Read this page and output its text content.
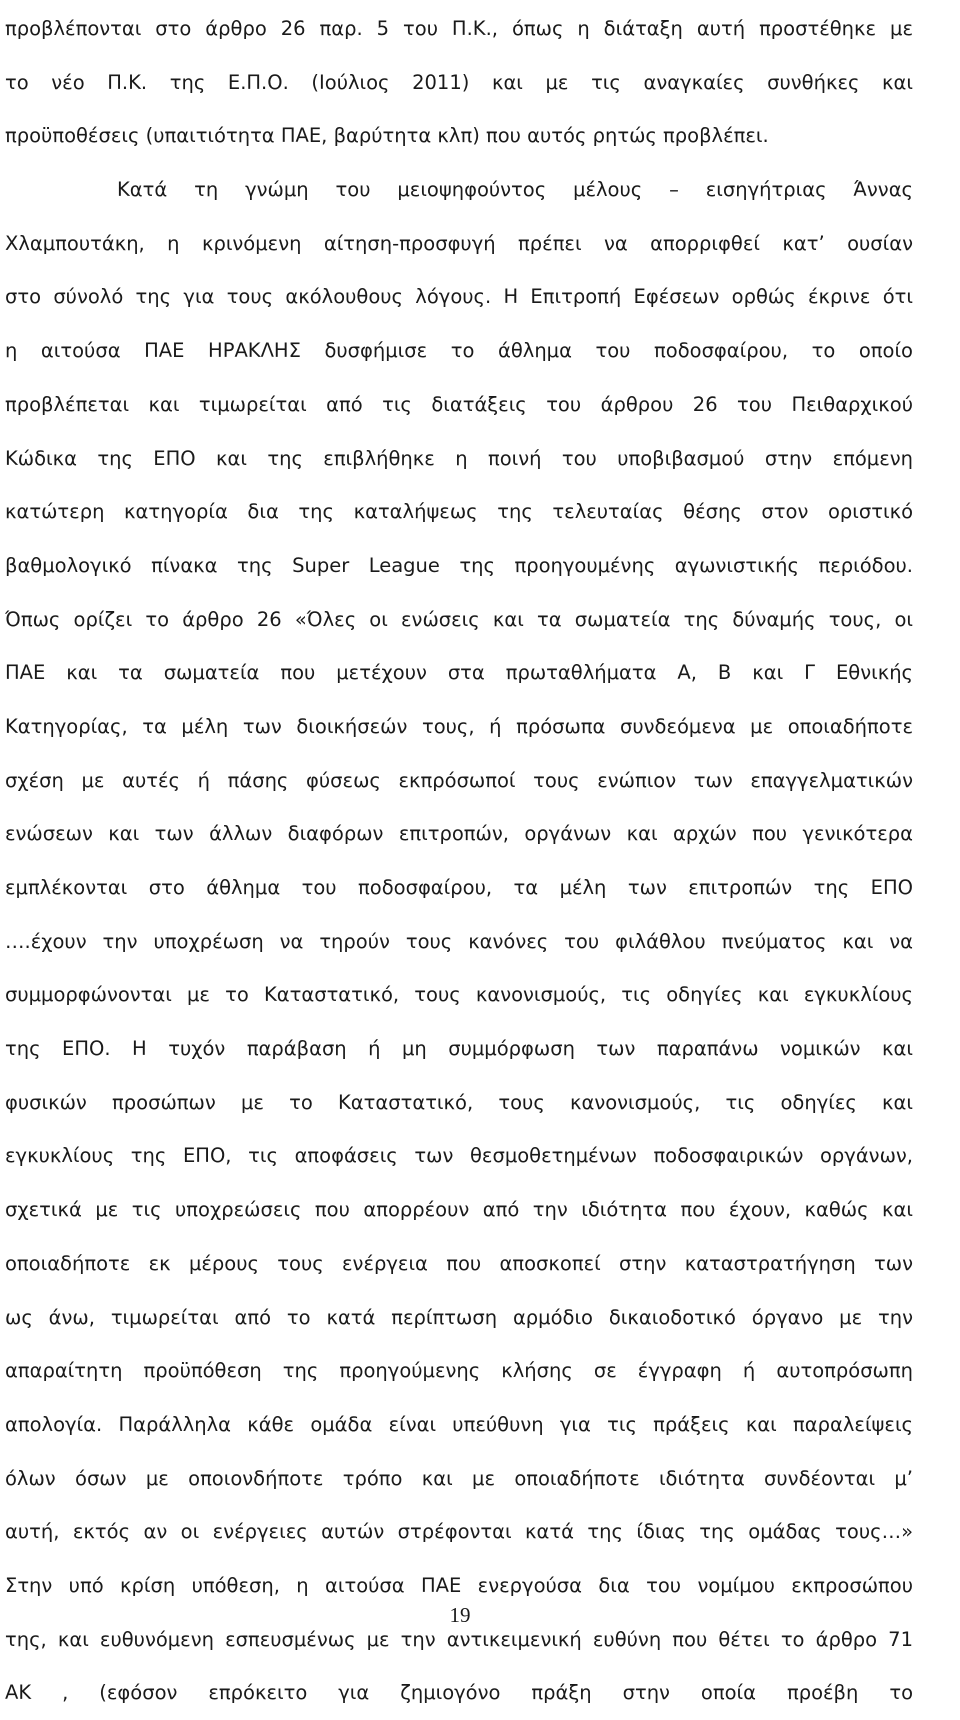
προβλέπονται στο άρθρο 26 παρ. 5 του Π.Κ., όπως η διάταξη αυτή προστέθηκε με
το νέο Π.Κ. της Ε.Π.Ο. (Ιούλιος 2011) και με τις αναγκαίες συνθήκες και
προϋποθέσεις (υπαιτιότητα ΠΑΕ, βαρύτητα κλπ) που αυτός ρητώς προβλέπει.
Κατά τη γνώμη του μειοψηφούντος μέλους – εισηγήτριας Άννας
Χλαμπουτάκη, η κρινόμενη αίτηση-προσφυγή πρέπει να απορριφθεί κατ’ ουσίαν
στο σύνολό της για τους ακόλουθους λόγους. Η Επιτροπή Εφέσεων ορθώς έκρινε ότι
η αιτούσα ΠΑΕ ΗΡΑΚΛΗΣ δυσφήμισε το άθλημα του ποδοσφαίρου, το οποίο
προβλέπεται και τιμωρείται από τις διατάξεις του άρθρου 26 του Πειθαρχικού
Κώδικα της ΕΠΟ και της επιβλήθηκε η ποινή του υποβιβασμού στην επόμενη
κατώτερη κατηγορία δια της καταλήψεως της τελευταίας θέσης στον οριστικό
βαθμολογικό πίνακα της Super League της προηγουμένης αγωνιστικής περιόδου.
Όπως ορίζει το άρθρο 26 «Όλες οι ενώσεις και τα σωματεία της δύναμής τους, οι
ΠΑΕ και τα σωματεία που μετέχουν στα πρωταθλήματα Α, Β και Γ Εθνικής
Κατηγορίας, τα μέλη των διοικήσεών τους, ή πρόσωπα συνδεόμενα με οποιαδήποτε
σχέση με αυτές ή πάσης φύσεως εκπρόσωποί τους ενώπιον των επαγγελματικών
ενώσεων και των άλλων διαφόρων επιτροπών, οργάνων και αρχών που γενικότερα
εμπλέκονται στο άθλημα του ποδοσφαίρου, τα μέλη των επιτροπών της ΕΠΟ
….έχουν την υποχρέωση να τηρούν τους κανόνες του φιλάθλου πνεύματος και να
συμμορφώνονται με το Καταστατικό, τους κανονισμούς, τις οδηγίες και εγκυκλίους
της ΕΠΟ. Η τυχόν παράβαση ή μη συμμόρφωση των παραπάνω νομικών και
φυσικών προσώπων με το Καταστατικό, τους κανονισμούς, τις οδηγίες και
εγκυκλίους της ΕΠΟ, τις αποφάσεις των θεσμοθετημένων ποδοσφαιρικών οργάνων,
σχετικά με τις υποχρεώσεις που απορρέουν από την ιδιότητα που έχουν, καθώς και
οποιαδήποτε εκ μέρους τους ενέργεια που αποσκοπεί στην καταστρατήγηση των
ως άνω, τιμωρείται από το κατά περίπτωση αρμόδιο δικαιοδοτικό όργανο με την
απαραίτητη προϋπόθεση της προηγούμενης κλήσης σε έγγραφη ή αυτοπρόσωπη
απολογία. Παράλληλα κάθε ομάδα είναι υπεύθυνη για τις πράξεις και παραλείψεις
όλων όσων με οποιονδήποτε τρόπο και με οποιαδήποτε ιδιότητα συνδέονται μ’
αυτή, εκτός αν οι ενέργειες αυτών στρέφονται κατά της ίδιας της ομάδας τους…»
Στην υπό κρίση υπόθεση, η αιτούσα ΠΑΕ ενεργούσα δια του νομίμου εκπροσώπου
της, και ευθυνόμενη εσπευσμένως με την αντικειμενική ευθύνη που θέτει το άρθρο 71
ΑΚ , (εφόσον επρόκειτο για ζημιογόνο πράξη στην οποία προέβη το
19
